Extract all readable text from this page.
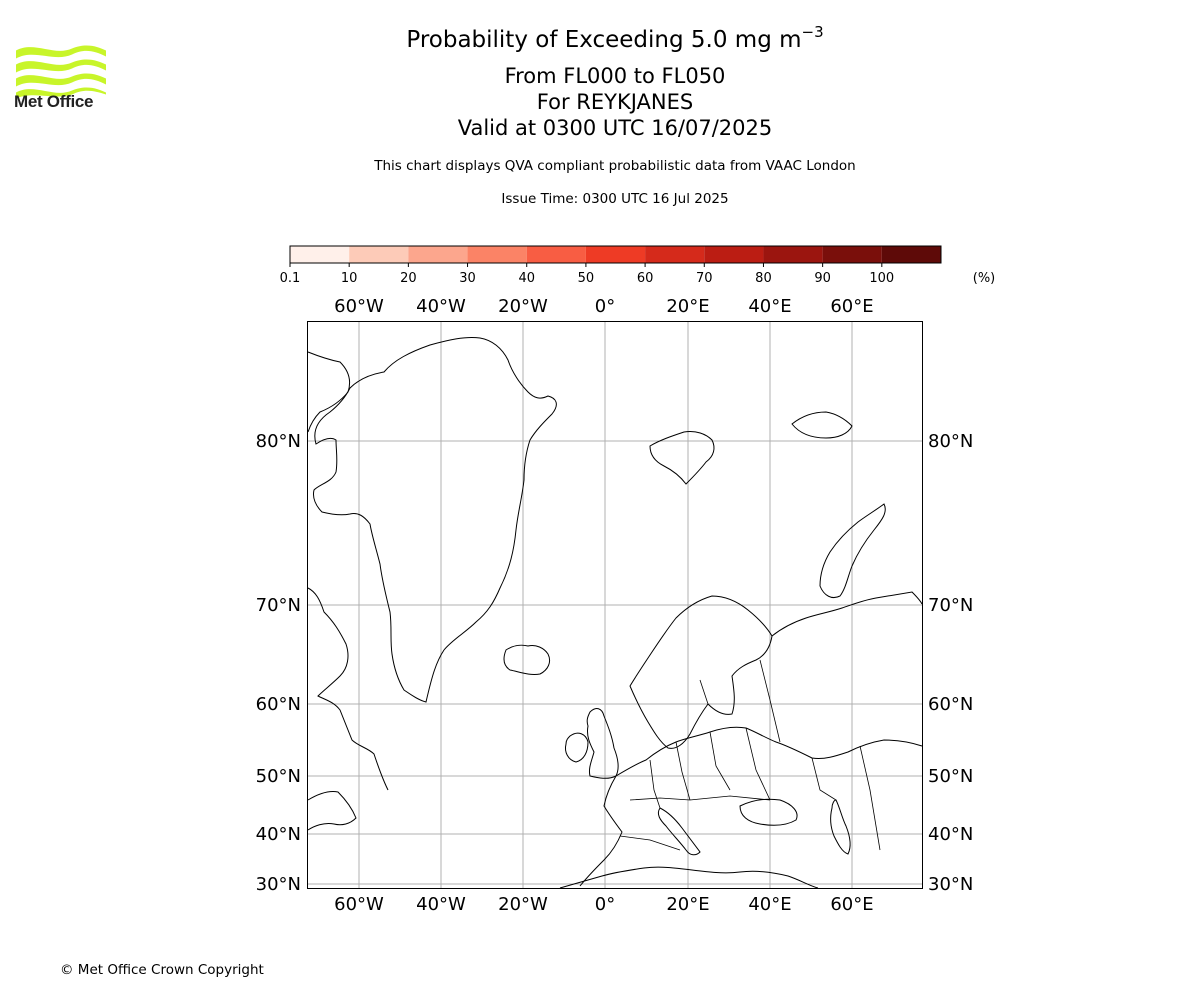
Met Office
Probability of Exceeding 5.0 mg $m^{-3}$
From FL000 to FL050
For REYKJANES
Valid at 0300 UTC 16/07/2025
This chart displays QVA compliant probabilistic data from VAAC London
Issue Time: 0300 UTC 16 Jul 2025
0.1	10	20	30	40	50	60	70	80	90	100	(%)
60°W
60°W
40°W
40°W
20°W
20°W
0°
0°
20°E
20°E
40°E
40°E
60°E
60°E
80°N	80°N
70°N	70°N
60°N	60°N
50°N	50°N
40°N	40°N
30°N	30°N
© Met Office Crown Copyright
